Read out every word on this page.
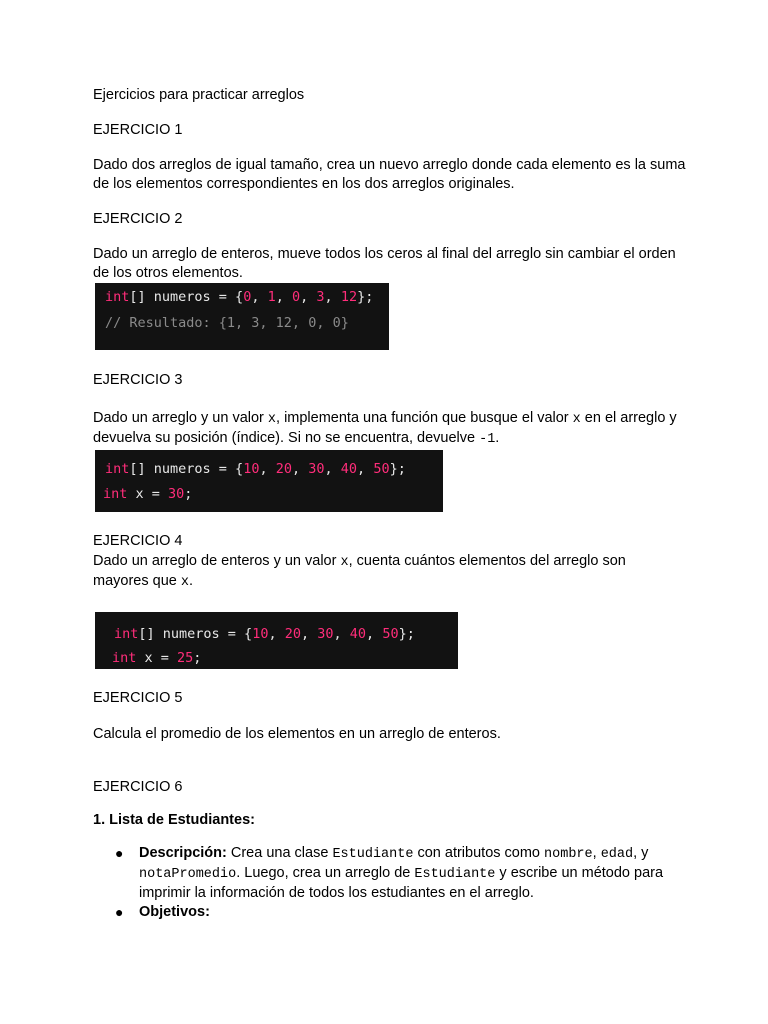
Ejercicios para practicar arreglos

EJERCICIO 1

Dado dos arreglos de igual tamaño, crea un nuevo arreglo donde cada elemento es la suma de los elementos correspondientes en los dos arreglos originales.

EJERCICIO 2

Dado un arreglo de enteros, mueve todos los ceros al final del arreglo sin cambiar el orden de los otros elementos.

int[] numeros = {0, 1, 0, 3, 12};
// Resultado: {1, 3, 12, 0, 0}

EJERCICIO 3

Dado un arreglo y un valor x, implementa una función que busque el valor x en el arreglo y devuelva su posición (índice). Si no se encuentra, devuelve -1.

int[] numeros = {10, 20, 30, 40, 50};
int x = 30;

EJERCICIO 4

Dado un arreglo de enteros y un valor x, cuenta cuántos elementos del arreglo son mayores que x.

int[] numeros = {10, 20, 30, 40, 50};
int x = 25;

EJERCICIO 5

Calcula el promedio de los elementos en un arreglo de enteros.

EJERCICIO 6

1. Lista de Estudiantes:

● Descripción: Crea una clase Estudiante con atributos como nombre, edad, y notaPromedio. Luego, crea un arreglo de Estudiante y escribe un método para imprimir la información de todos los estudiantes en el arreglo.
● Objetivos:
